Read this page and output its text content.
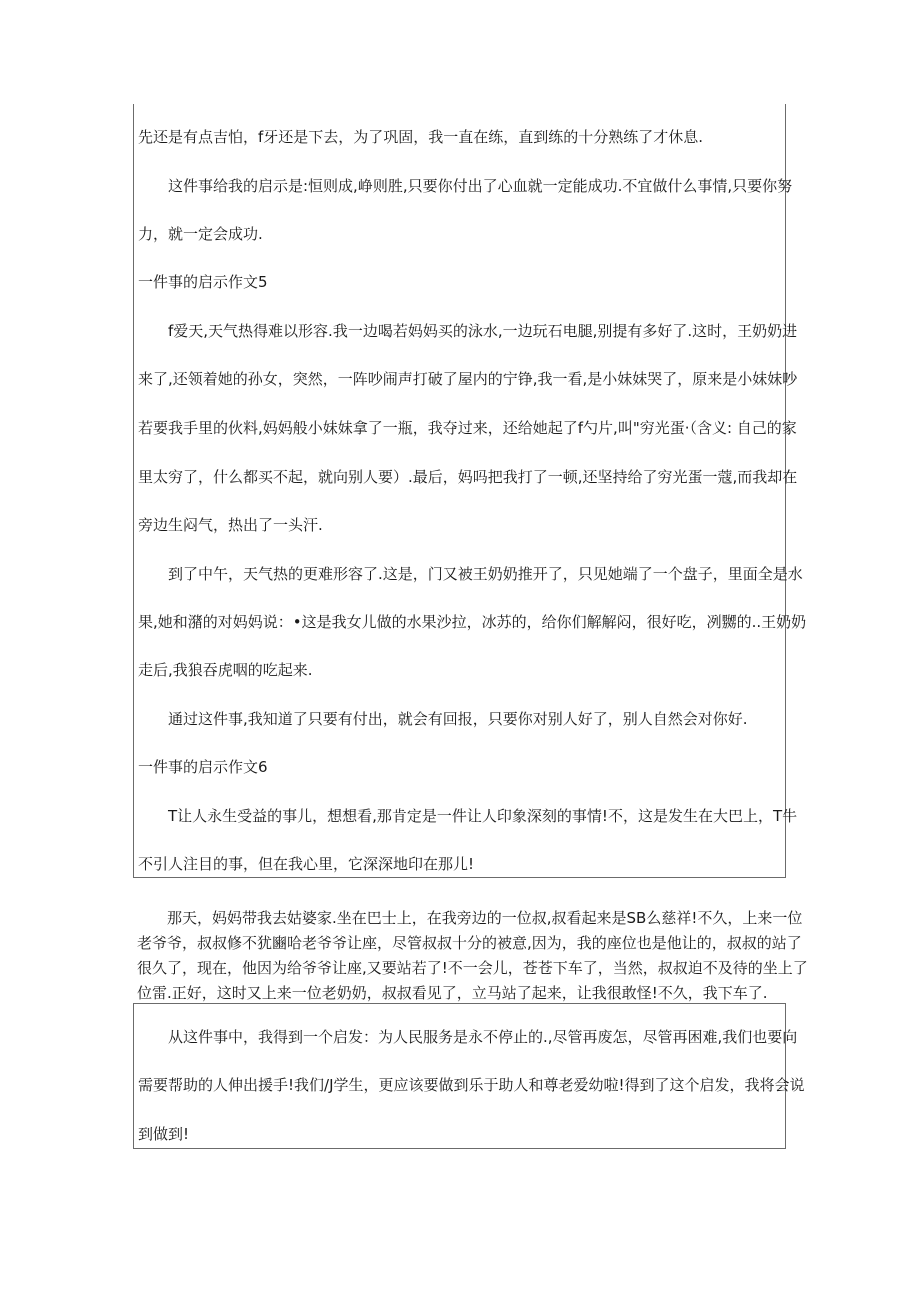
先还是有点吉怕，f牙还是下去，为了巩固，我一直在练，直到练的十分熟练了才休息.
这件事给我的启示是:恒则成,峥则胜,只要你付出了心血就一定能成功.不宜做什么事情,只要你努
力，就一定会成功.
一件事的启示作文5
f爱天,天气热得难以形容.我一边喝若妈妈买的泳水,一边玩石电腿,别提有多好了.这时，王奶奶进
来了,还领着她的孙女，突然，一阵吵闹声打破了屋内的宁铮,我一看,是小妹妹哭了，原来是小妹妹吵
若要我手里的伙料,妈妈般小妹妹拿了一瓶，我夺过来，还给她起了f勺片,叫"穷光蛋·（含义: 自己的家
里太穷了，什么都买不起，就向别人要）.最后，妈吗把我打了一顿,还坚持给了穷光蛋一蔻,而我却在
旁边生闷气，热出了一头汗.
到了中午，天气热的更难形容了.这是，门又被王奶奶推开了，只见她端了一个盘子，里面全是水
果,她和潴的对妈妈说：•这是我女儿做的水果沙拉，冰苏的，给你们解解闷，很好吃，冽嬲的..王奶奶
走后,我狼吞虎咽的吃起来.
通过这件事,我知道了只要有付出，就会有回报，只要你对别人好了，别人自然会对你好.
一件事的启示作文6
T让人永生受益的事儿，想想看,那肯定是一件让人印象深刻的事情!不，这是发生在大巴上，T牛
不引人注目的事，但在我心里，它深深地印在那儿!
那天，妈妈带我去姑婆家.坐在巴士上，在我旁边的一位叔,叔看起来是SB么慈祥!不久，上来一位
老爷爷，叔叔修不犹豳哈老爷爷让座，尽管叔叔十分的被意,因为，我的座位也是他让的，叔叔的站了
很久了，现在，他因为给爷爷让座,又要站若了!不一会儿，苍苍下车了，当然，叔叔迫不及待的坐上了
位雷.正好，这时又上来一位老奶奶，叔叔看见了，立马站了起来，让我很敢怪!不久，我下车了.
从这件事中，我得到一个启发：为人民服务是永不停止的.,尽管再废怎，尽管再困难,我们也要向
需要帮助的人伸出援手!我们/J学生，更应该要做到乐于助人和尊老爱幼啦!得到了这个启发，我将会说
到做到!
